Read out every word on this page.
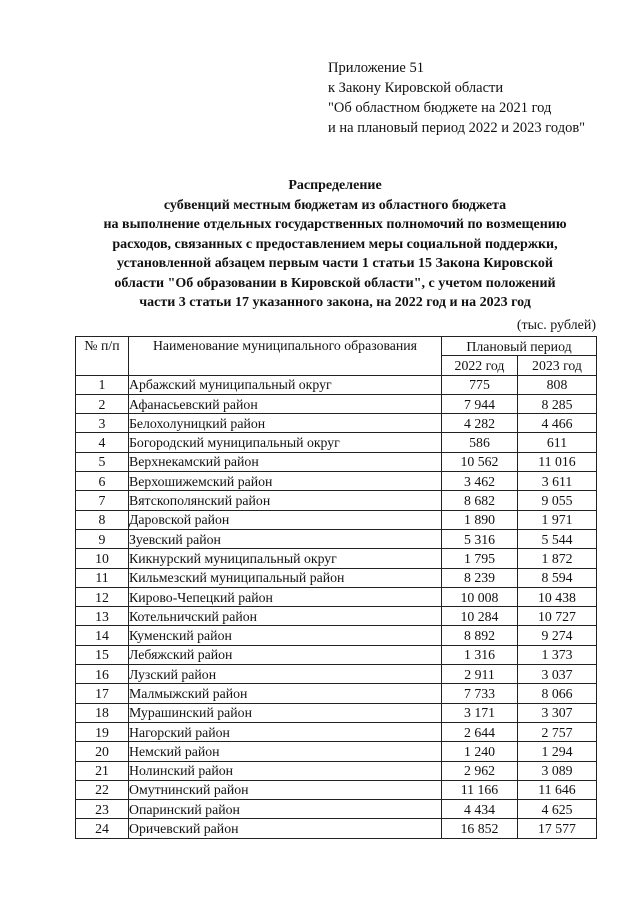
Приложение 51
к Закону Кировской области
"Об областном бюджете на 2021 год
и на плановый период 2022 и 2023 годов"
Распределение
субвенций местным бюджетам из областного бюджета
на выполнение отдельных государственных полномочий по возмещению
расходов, связанных с предоставлением меры социальной поддержки,
установленной абзацем первым части 1 статьи 15 Закона Кировской
области "Об образовании в Кировской области", с учетом положений
части 3 статьи 17 указанного закона, на 2022 год и на 2023 год
(тыс. рублей)
№ п/п	Наименование муниципального образования	Плановый период	
		2022 год	2023 год
1	Арбажский муниципальный округ	775	808
2	Афанасьевский район	7 944	8 285
3	Белохолуницкий район	4 282	4 466
4	Богородский муниципальный округ	586	611
5	Верхнекамский район	10 562	11 016
6	Верхошижемский район	3 462	3 611
7	Вятскополянский район	8 682	9 055
8	Даровской район	1 890	1 971
9	Зуевский район	5 316	5 544
10	Кикнурский муниципальный округ	1 795	1 872
11	Кильмезский муниципальный район	8 239	8 594
12	Кирово-Чепецкий район	10 008	10 438
13	Котельничский район	10 284	10 727
14	Куменский район	8 892	9 274
15	Лебяжский район	1 316	1 373
16	Лузский район	2 911	3 037
17	Малмыжский район	7 733	8 066
18	Мурашинский район	3 171	3 307
19	Нагорский район	2 644	2 757
20	Немский район	1 240	1 294
21	Нолинский район	2 962	3 089
22	Омутнинский район	11 166	11 646
23	Опаринский район	4 434	4 625
24	Оричевский район	16 852	17 577
